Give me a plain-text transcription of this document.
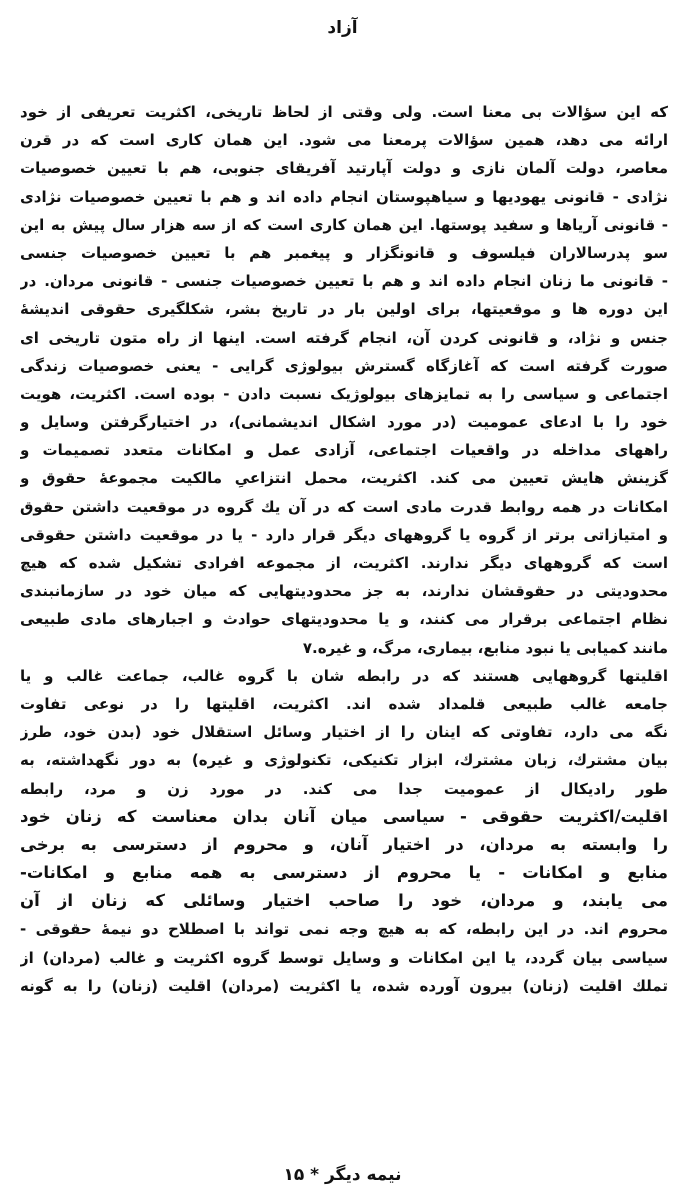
آزاد
که این سؤالات بی معنا است. ولی وقتی از لحاظ تاریخی، اکثریت تعریفی از خود
ارائه می دهد، همین سؤالات پرمعنا می شود. این همان کاری است که در قرن
معاصر، دولت آلمان نازی و دولت آپارتید آفریقای جنوبی، هم با تعیین خصوصیات
نژادی - قانونی یهودیها و سیاهپوستان انجام داده اند و هم با تعیین خصوصیات نژادی
- قانونی آریاها و سفید پوستها. این همان کاری است که از سه هزار سال پیش به این
سو پدرسالاران فیلسوف و قانونگزار و پیغمبر هم با تعیین خصوصیات جنسی
- قانونی ما زنان انجام داده اند و هم با تعیین خصوصیات جنسی - قانونی مردان. در
این دوره ها و موقعیتها، برای اولین بار در تاریخ بشر، شکلگیری حقوقی اندیشهٔ
جنس و نژاد، و قانونی کردن آن، انجام گرفته است. اینها از راه متون تاریخی ای
صورت گرفته است که آغازگاه گسترش بیولوژی گرایی - یعنی خصوصیات زندگی
اجتماعی و سیاسی را به تمایزهای بیولوژیک نسبت دادن - بوده است. اکثریت، هویت
خود را با ادعای عمومیت (در مورد اشکال اندیشمانی)، در اختیارگرفتن وسایل و
راههای مداخله در واقعیات اجتماعی، آزادی عمل و امکانات متعدد تصمیمات و
گزینش هایش تعیین می کند. اکثریت، محمل انتزاعیِ مالکیت مجموعهٔ حقوق و
امکانات در همه روابط قدرت مادی است که در آن یك گروه در موقعیت داشتن حقوق
و امتیازاتی برتر از گروه یا گروههای دیگر قرار دارد - یا در موقعیت داشتن حقوقی
است که گروههای دیگر ندارند. اکثریت، از مجموعه افرادی تشکیل شده که هیچ
محدودیتی در حقوقشان ندارند، به جز محدودیتهایی که میان خود در سازمانبندی
نظام اجتماعی برقرار می کنند، و یا محدودیتهای حوادث و اجبارهای مادی طبیعی
مانند کمیابی یا نبود منابع، بیماری، مرگ، و غیره.۷
اقلیتها گروههایی هستند که در رابطه شان با گروه غالب، جماعت غالب و یا
جامعه غالب طبیعی قلمداد شده اند. اکثریت، اقلیتها را در نوعی تفاوت
نگه می دارد، تفاوتی که اینان را از اختیار وسائل استقلال خود (بدن خود، طرز
بیان مشترك، زبان مشترك، ابزار تکنیکی، تکنولوژی و غیره) به دور نگهداشته، به
طور رادیکال از عمومیت جدا می کند. در مورد زن و مرد، رابطه
اقلیت/اکثریت حقوقی - سیاسی میان آنان بدان معناست که زنان خود
را وابسته به مردان، در اختیار آنان، و محروم از دسترسی به برخی
منابع و امکانات - یا محروم از دسترسی به همه منابع و امکانات-
می یابند، و مردان، خود را صاحب اختیار وسائلی که زنان از آن
محروم اند. در این رابطه، که به هیچ وجه نمی تواند با اصطلاح دو نیمهٔ حقوقی -
سیاسی بیان گردد، یا این امکانات و وسایل توسط گروه اکثریت و غالب (مردان) از
تملك اقلیت (زنان) بیرون آورده شده، یا اکثریت (مردان) اقلیت (زنان) را به گونه
نیمه دیگر * ۱۵
